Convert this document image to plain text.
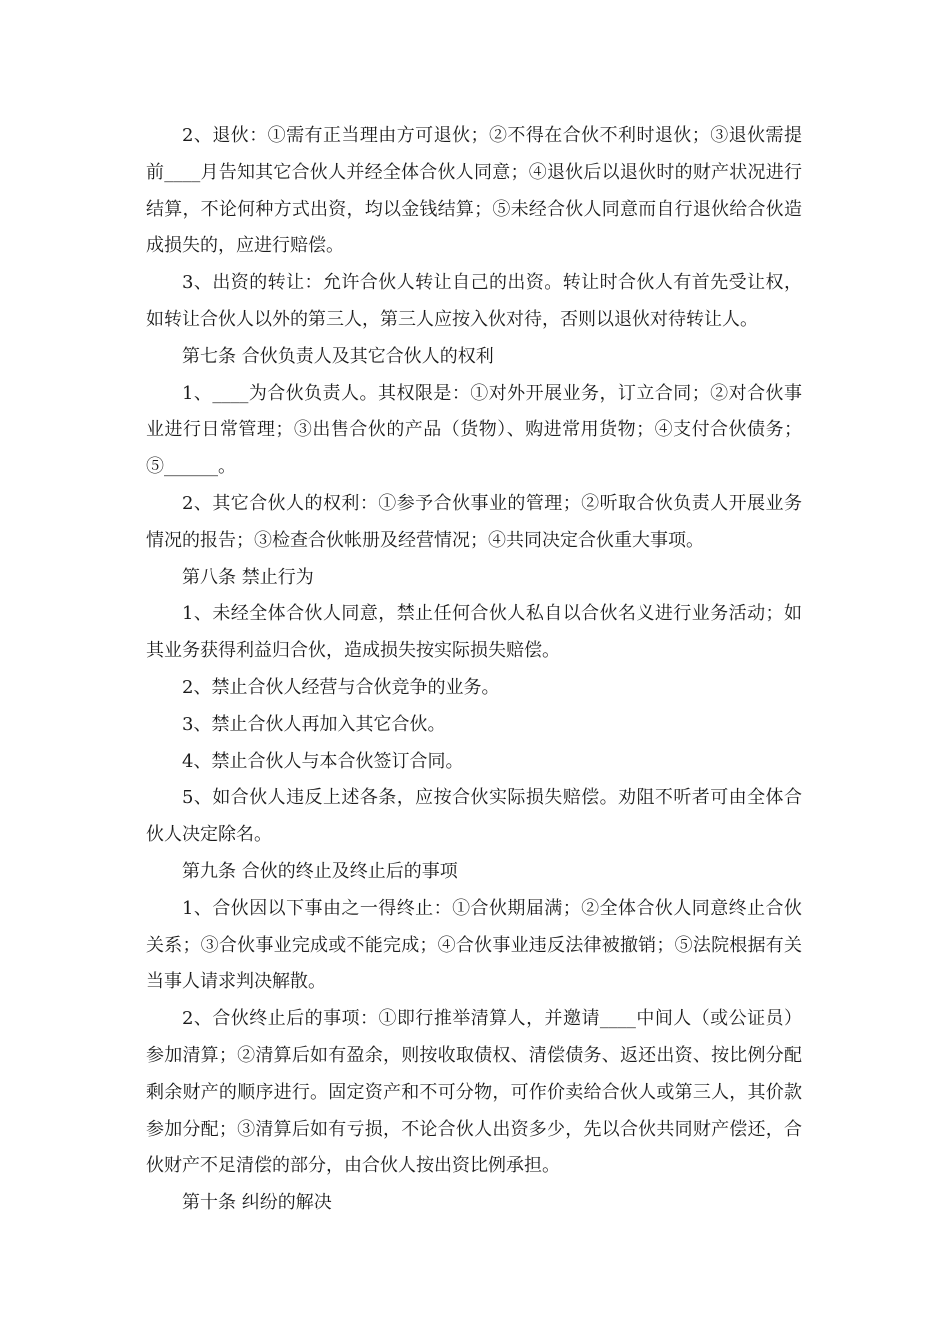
2、退伙：①需有正当理由方可退伙；②不得在合伙不利时退伙；③退伙需提前____月告知其它合伙人并经全体合伙人同意；④退伙后以退伙时的财产状况进行结算，不论何种方式出资，均以金钱结算；⑤未经合伙人同意而自行退伙给合伙造成损失的，应进行赔偿。

3、出资的转让：允许合伙人转让自己的出资。转让时合伙人有首先受让权，如转让合伙人以外的第三人，第三人应按入伙对待，否则以退伙对待转让人。

第七条 合伙负责人及其它合伙人的权利

1、____为合伙负责人。其权限是：①对外开展业务，订立合同；②对合伙事业进行日常管理；③出售合伙的产品（货物）、购进常用货物；④支付合伙债务；⑤______。

2、其它合伙人的权利：①参予合伙事业的管理；②听取合伙负责人开展业务情况的报告；③检查合伙帐册及经营情况；④共同决定合伙重大事项。

第八条 禁止行为

1、未经全体合伙人同意，禁止任何合伙人私自以合伙名义进行业务活动；如其业务获得利益归合伙，造成损失按实际损失赔偿。

2、禁止合伙人经营与合伙竞争的业务。

3、禁止合伙人再加入其它合伙。

4、禁止合伙人与本合伙签订合同。

5、如合伙人违反上述各条，应按合伙实际损失赔偿。劝阻不听者可由全体合伙人决定除名。

第九条 合伙的终止及终止后的事项

1、合伙因以下事由之一得终止：①合伙期届满；②全体合伙人同意终止合伙关系；③合伙事业完成或不能完成；④合伙事业违反法律被撤销；⑤法院根据有关当事人请求判决解散。

2、合伙终止后的事项：①即行推举清算人，并邀请____中间人（或公证员）参加清算；②清算后如有盈余，则按收取债权、清偿债务、返还出资、按比例分配剩余财产的顺序进行。固定资产和不可分物，可作价卖给合伙人或第三人，其价款参加分配；③清算后如有亏损，不论合伙人出资多少，先以合伙共同财产偿还，合伙财产不足清偿的部分，由合伙人按出资比例承担。

第十条 纠纷的解决
